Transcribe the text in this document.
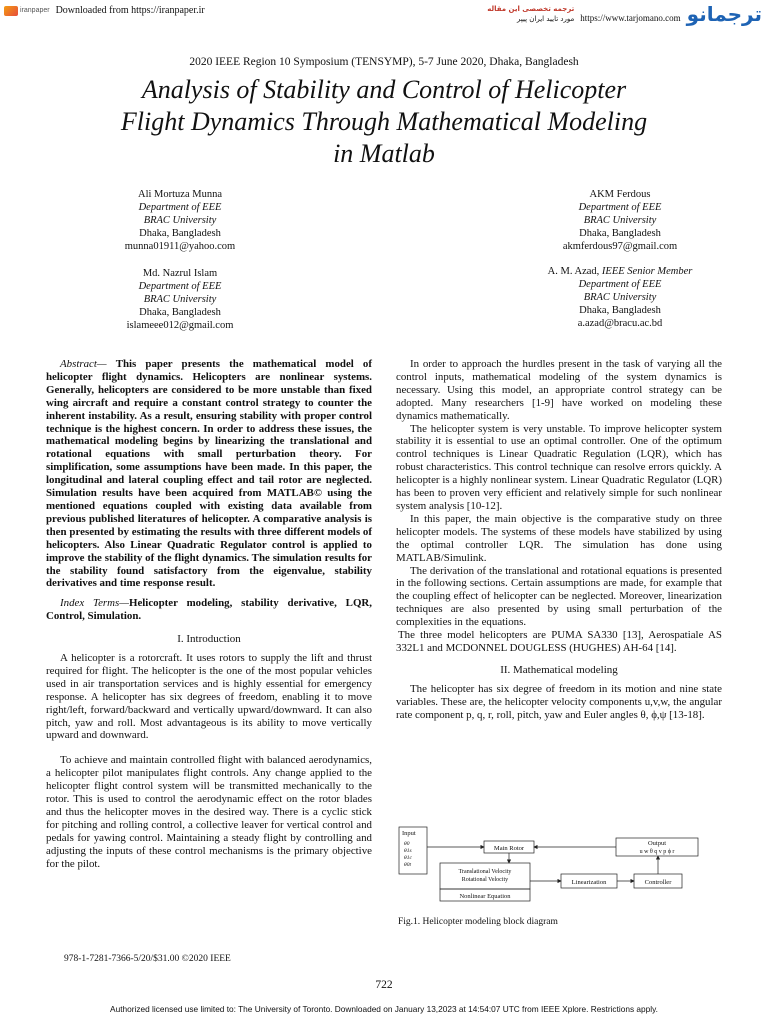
iranpaper Downloaded from https://iranpaper.ir	ترجمه تخصصی این مقاله
مورد تایید ایران پیپر https://www.tarjomano.com ترجمانو
2020 IEEE Region 10 Symposium (TENSYMP), 5-7 June 2020, Dhaka, Bangladesh
Analysis of Stability and Control of Helicopter
Flight Dynamics Through Mathematical Modeling
in Matlab
Ali Mortuza Munna
Department of EEE
BRAC University
Dhaka, Bangladesh
munna01911@yahoo.com
Md. Nazrul Islam
Department of EEE
BRAC University
Dhaka, Bangladesh
islameee012@gmail.com
AKM Ferdous
Department of EEE
BRAC University
Dhaka, Bangladesh
akmferdous97@gmail.com
A. M. Azad, IEEE Senior Member
Department of EEE
BRAC University
Dhaka, Bangladesh
a.azad@bracu.ac.bd

Abstract— This paper presents the mathematical model of helicopter flight dynamics. Helicopters are nonlinear systems. Generally, helicopters are considered to be more unstable than fixed wing aircraft and require a constant control strategy to counter the inherent instability. As a result, ensuring stability with proper control technique is the highest concern. In order to address these issues, the mathematical modeling begins by linearizing the translational and rotational equations with small perturbation theory. For simplification, some assumptions have been made. In this paper, the longitudinal and lateral coupling effect and tail rotor are neglected. Simulation results have been acquired from MATLAB© using the mentioned equations coupled with existing data available from previous published literatures of helicopter. A comparative analysis is then presented by estimating the results with three different models of helicopters. Also Linear Quadratic Regulator control is applied to improve the stability of the flight dynamics. The simulation results for the stability found satisfactory from the eigenvalue, stability derivatives and time response result.

Index Terms—Helicopter modeling, stability derivative, LQR, Control, Simulation.

I. Introduction

A helicopter is a rotorcraft. It uses rotors to supply the lift and thrust required for flight. The helicopter is the one of the most popular vehicles used in air transportation services and is highly essential for emergency response. A helicopter has six degrees of freedom, enabling it to move right/left, forward/backward and vertically upward/downward. It can also pitch, yaw and roll. Most advantageous is its ability to move vertically upward and downward.

To achieve and maintain controlled flight with balanced aerodynamics, a helicopter pilot manipulates flight controls. Any change applied to the helicopter flight control system will be transmitted mechanically to the rotor. This is used to control the aerodynamic effect on the rotor blades and thus the helicopter moves in the desired way. There is a cyclic stick for pitching and rolling control, a collective leaver for vertical control and pedals for yawing control. Maintaining a steady flight by controlling and adjusting the inputs of these control mechanisms is the primary objective for the pilot.

In order to approach the hurdles present in the task of varying all the control inputs, mathematical modeling of the system dynamics is necessary. Using this model, an appropriate control strategy can be adopted. Many researchers [1-9] have worked on modeling these dynamics mathematically.

The helicopter system is very unstable. To improve helicopter system stability it is essential to use an optimal controller. One of the optimum control techniques is Linear Quadratic Regulation (LQR), which has robust characteristics. This control technique can resolve errors quickly. A helicopter is a highly nonlinear system. Linear Quadratic Regulator (LQR) has been to proven very efficient and relatively simple for such nonlinear system analysis [10-12].

In this paper, the main objective is the comparative study on three helicopter models. The systems of these models have stabilized by using the optimal controller LQR. The simulation has done using MATLAB/Simulink.

The derivation of the translational and rotational equations is presented in the following sections. Certain assumptions are made, for example that the coupling effect of helicopter can be neglected. Moreover, linearization techniques are also presented by using small perturbation of the complexities in the equations.

The three model helicopters are PUMA SA330 [13], Aerospatiale AS 332L1 and MCDONNEL DOUGLESS (HUGHES) AH-64 [14].

II. Mathematical modeling

The helicopter has six degree of freedom in its motion and nine state variables. These are, the helicopter velocity components u,v,w, the angular rate component p, q, r, roll, pitch, yaw and Euler angles θ, ϕ,ψ [13-18].

Input
θ0
θ1s
θ1c
θ0t
Main Rotor
Translational Velocity
Rotational Velocity
Nonlinear Equation
Linearization	Controller
Output
u w θ q v p ϕ r
Fig.1. Helicopter modeling block diagram
978-1-7281-7366-5/20/$31.00 ©2020 IEEE
722
Authorized licensed use limited to: The University of Toronto. Downloaded on January 13,2023 at 14:54:07 UTC from IEEE Xplore. Restrictions apply.
